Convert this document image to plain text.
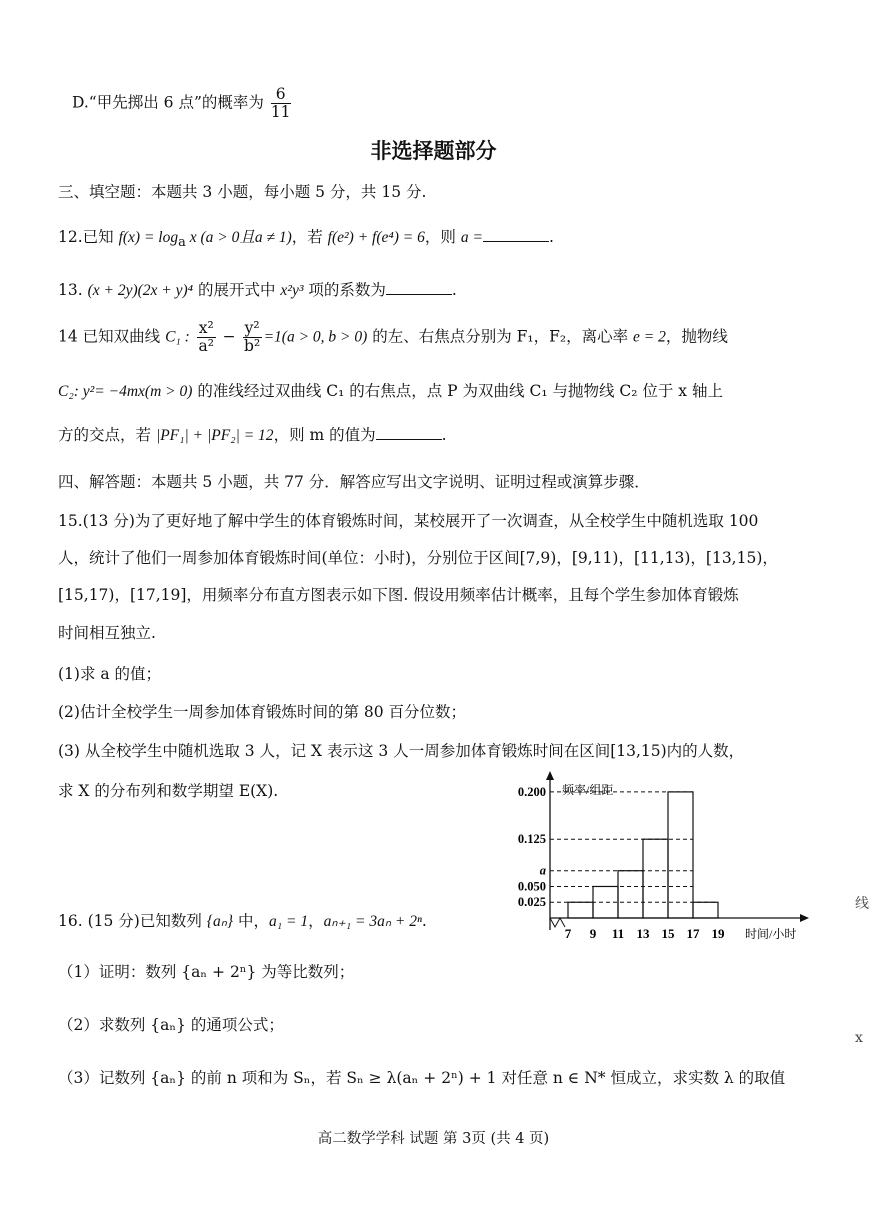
D.“甲先掷出 6 点”的概率为 $\frac{6}{11}$
非选择题部分
三、填空题：本题共 3 小题，每小题 5 分，共 15 分.
12.已知 $f(x) = \log_a x$ (a > 0且a ≠ 1)，若 f(e²) + f(e⁴) = 6，则 a =	.
13. (x + 2y)(2x + y)⁴ 的展开式中 x²y³ 项的系数为	.
14 已知双曲线 C₁ : $\frac{\text{x²}}{\text{a²}} - \frac{\text{y²}}{\text{b²}} =1(a > 0$, b > 0) 的左、右焦点分别为 F₁，F₂，离心率 e = 2，抛物线
C₂: y²= −4mx(m > 0) 的准线经过双曲线 C₁ 的右焦点，点 P 为双曲线 C₁ 与抛物线 C₂ 位于 x 轴上
方的交点，若 |PF₁| + |PF₂| = 12，则 m 的值为	.
四、解答题：本题共 5 小题，共 77 分．解答应写出文字说明、证明过程或演算步骤．
15.(13 分)为了更好地了解中学生的体育锻炼时间，某校展开了一次调查，从全校学生中随机选取 100
人，统计了他们一周参加体育锻炼时间(单位：小时)，分别位于区间[7,9)，[9,11)，[11,13)，[13,15)，
[15,17)，[17,19]，用频率分布直方图表示如下图. 假设用频率估计概率，且每个学生参加体育锻炼
时间相互独立.
(1)求 a 的值；
(2)估计全校学生一周参加体育锻炼时间的第 80 百分位数；
(3) 从全校学生中随机选取 3 人，记 X 表示这 3 人一周参加体育锻炼时间在区间[13,15)内的人数，
求 X 的分布列和数学期望 E(X).	0.200
0.125
a
0.050
0.025
7 9 11 13 15 17 19
频率/组距
时间/小时
16. (15 分)已知数列 {aₙ} 中，a₁ = 1，aₙ₊₁ = 3aₙ + 2ⁿ.
（1）证明：数列 {aₙ + 2ⁿ} 为等比数列；
（2）求数列 {aₙ} 的通项公式；
（3）记数列 {aₙ} 的前 n 项和为 Sₙ，若 Sₙ ≥ λ(aₙ + 2ⁿ) + 1 对任意 n ∈ N* 恒成立，求实数 λ 的取值
高二数学学科 试题 第 3页 (共 4 页)
线
х
